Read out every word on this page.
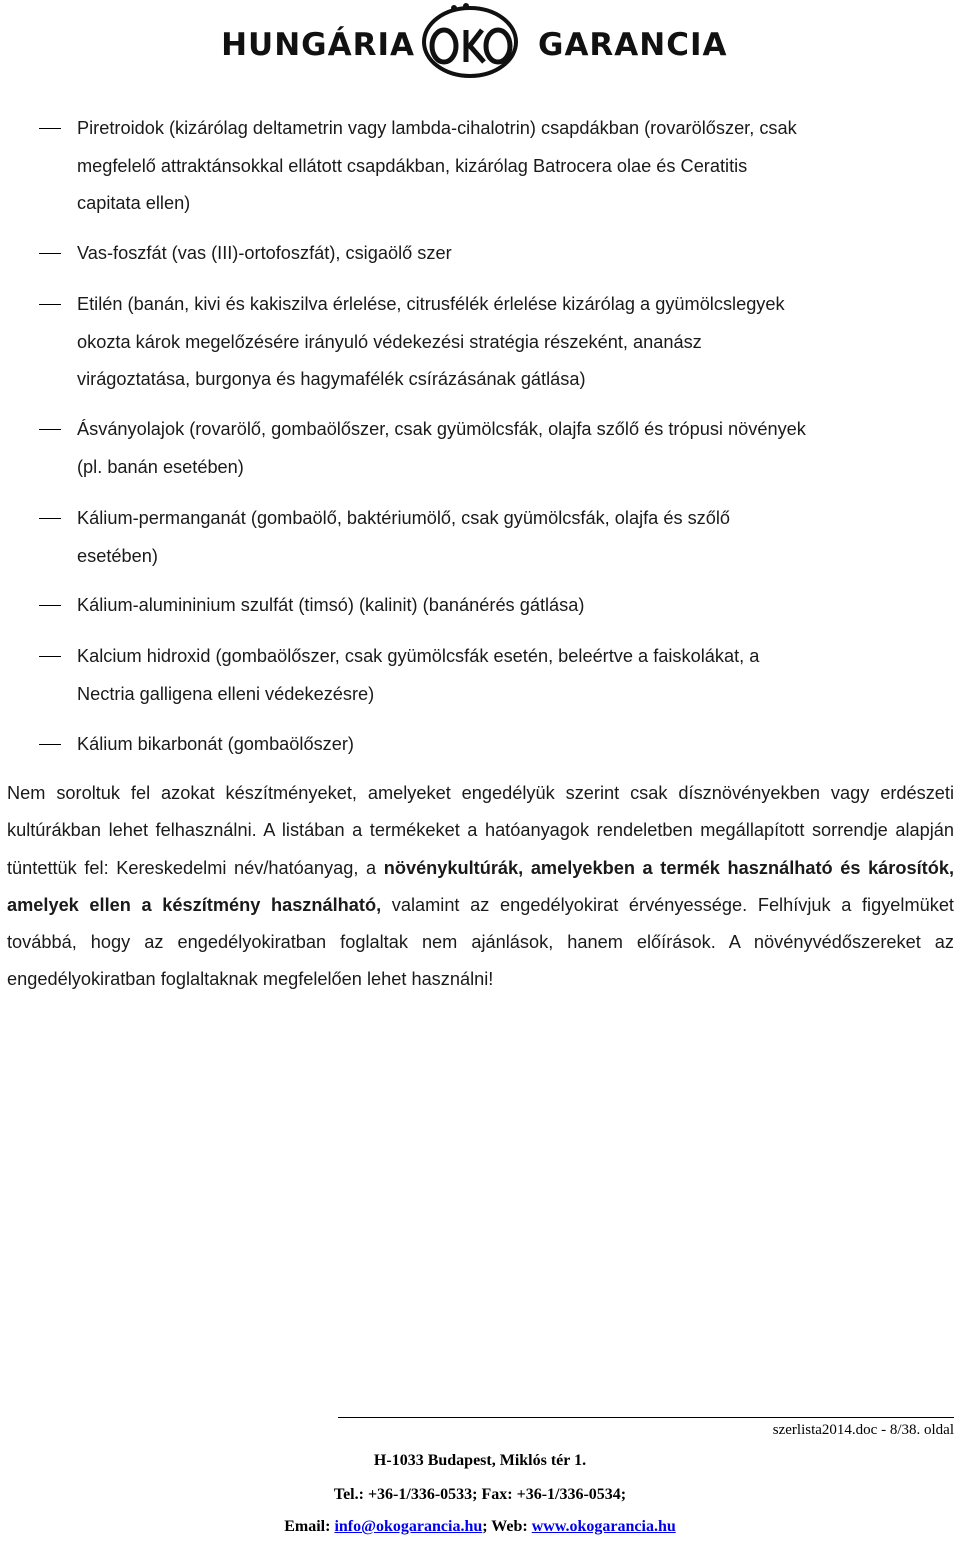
HUNGÁRIA	GARANCIA
Piretroidok (kizárólag deltametrin vagy lambda-cihalotrin) csapdákban (rovarölőszer, csak
megfelelő attraktánsokkal ellátott csapdákban, kizárólag Batrocera olae és Ceratitis
capitata ellen)
Vas-foszfát (vas (III)-ortofoszfát), csigaölő szer
Etilén (banán, kivi és kakiszilva érlelése, citrusfélék érlelése kizárólag a gyümölcslegyek
okozta károk megelőzésére irányuló védekezési stratégia részeként, ananász
virágoztatása, burgonya és hagymafélék csírázásának gátlása)
Ásványolajok (rovarölő, gombaölőszer, csak gyümölcsfák, olajfa szőlő és trópusi növények
(pl. banán esetében)
Kálium-permanganát (gombaölő, baktériumölő, csak gyümölcsfák, olajfa és szőlő
esetében)
Kálium-alumininium szulfát (timsó) (kalinit) (banánérés gátlása)
Kalcium hidroxid (gombaölőszer, csak gyümölcsfák esetén, beleértve a faiskolákat, a
Nectria galligena elleni védekezésre)
Kálium bikarbonát (gombaölőszer)
Nem soroltuk fel azokat készítményeket, amelyeket engedélyük szerint csak dísznövényekben vagy erdészeti kultúrákban lehet felhasználni. A listában a termékeket a hatóanyagok rendeletben megállapított sorrendje alapján tüntettük fel: Kereskedelmi név/hatóanyag, a növénykultúrák, amelyekben a termék használható és károsítók, amelyek ellen a készítmény használható, valamint az engedélyokirat érvényessége. Felhívjuk a figyelmüket továbbá, hogy az engedélyokiratban foglaltak nem ajánlások, hanem előírások. A növényvédőszereket az engedélyokiratban foglaltaknak megfelelően lehet használni!
szerlista2014.doc - 8/38. oldal
H-1033 Budapest, Miklós tér 1.
Tel.: +36-1/336-0533; Fax: +36-1/336-0534;
Email: info@okogarancia.hu; Web: www.okogarancia.hu
